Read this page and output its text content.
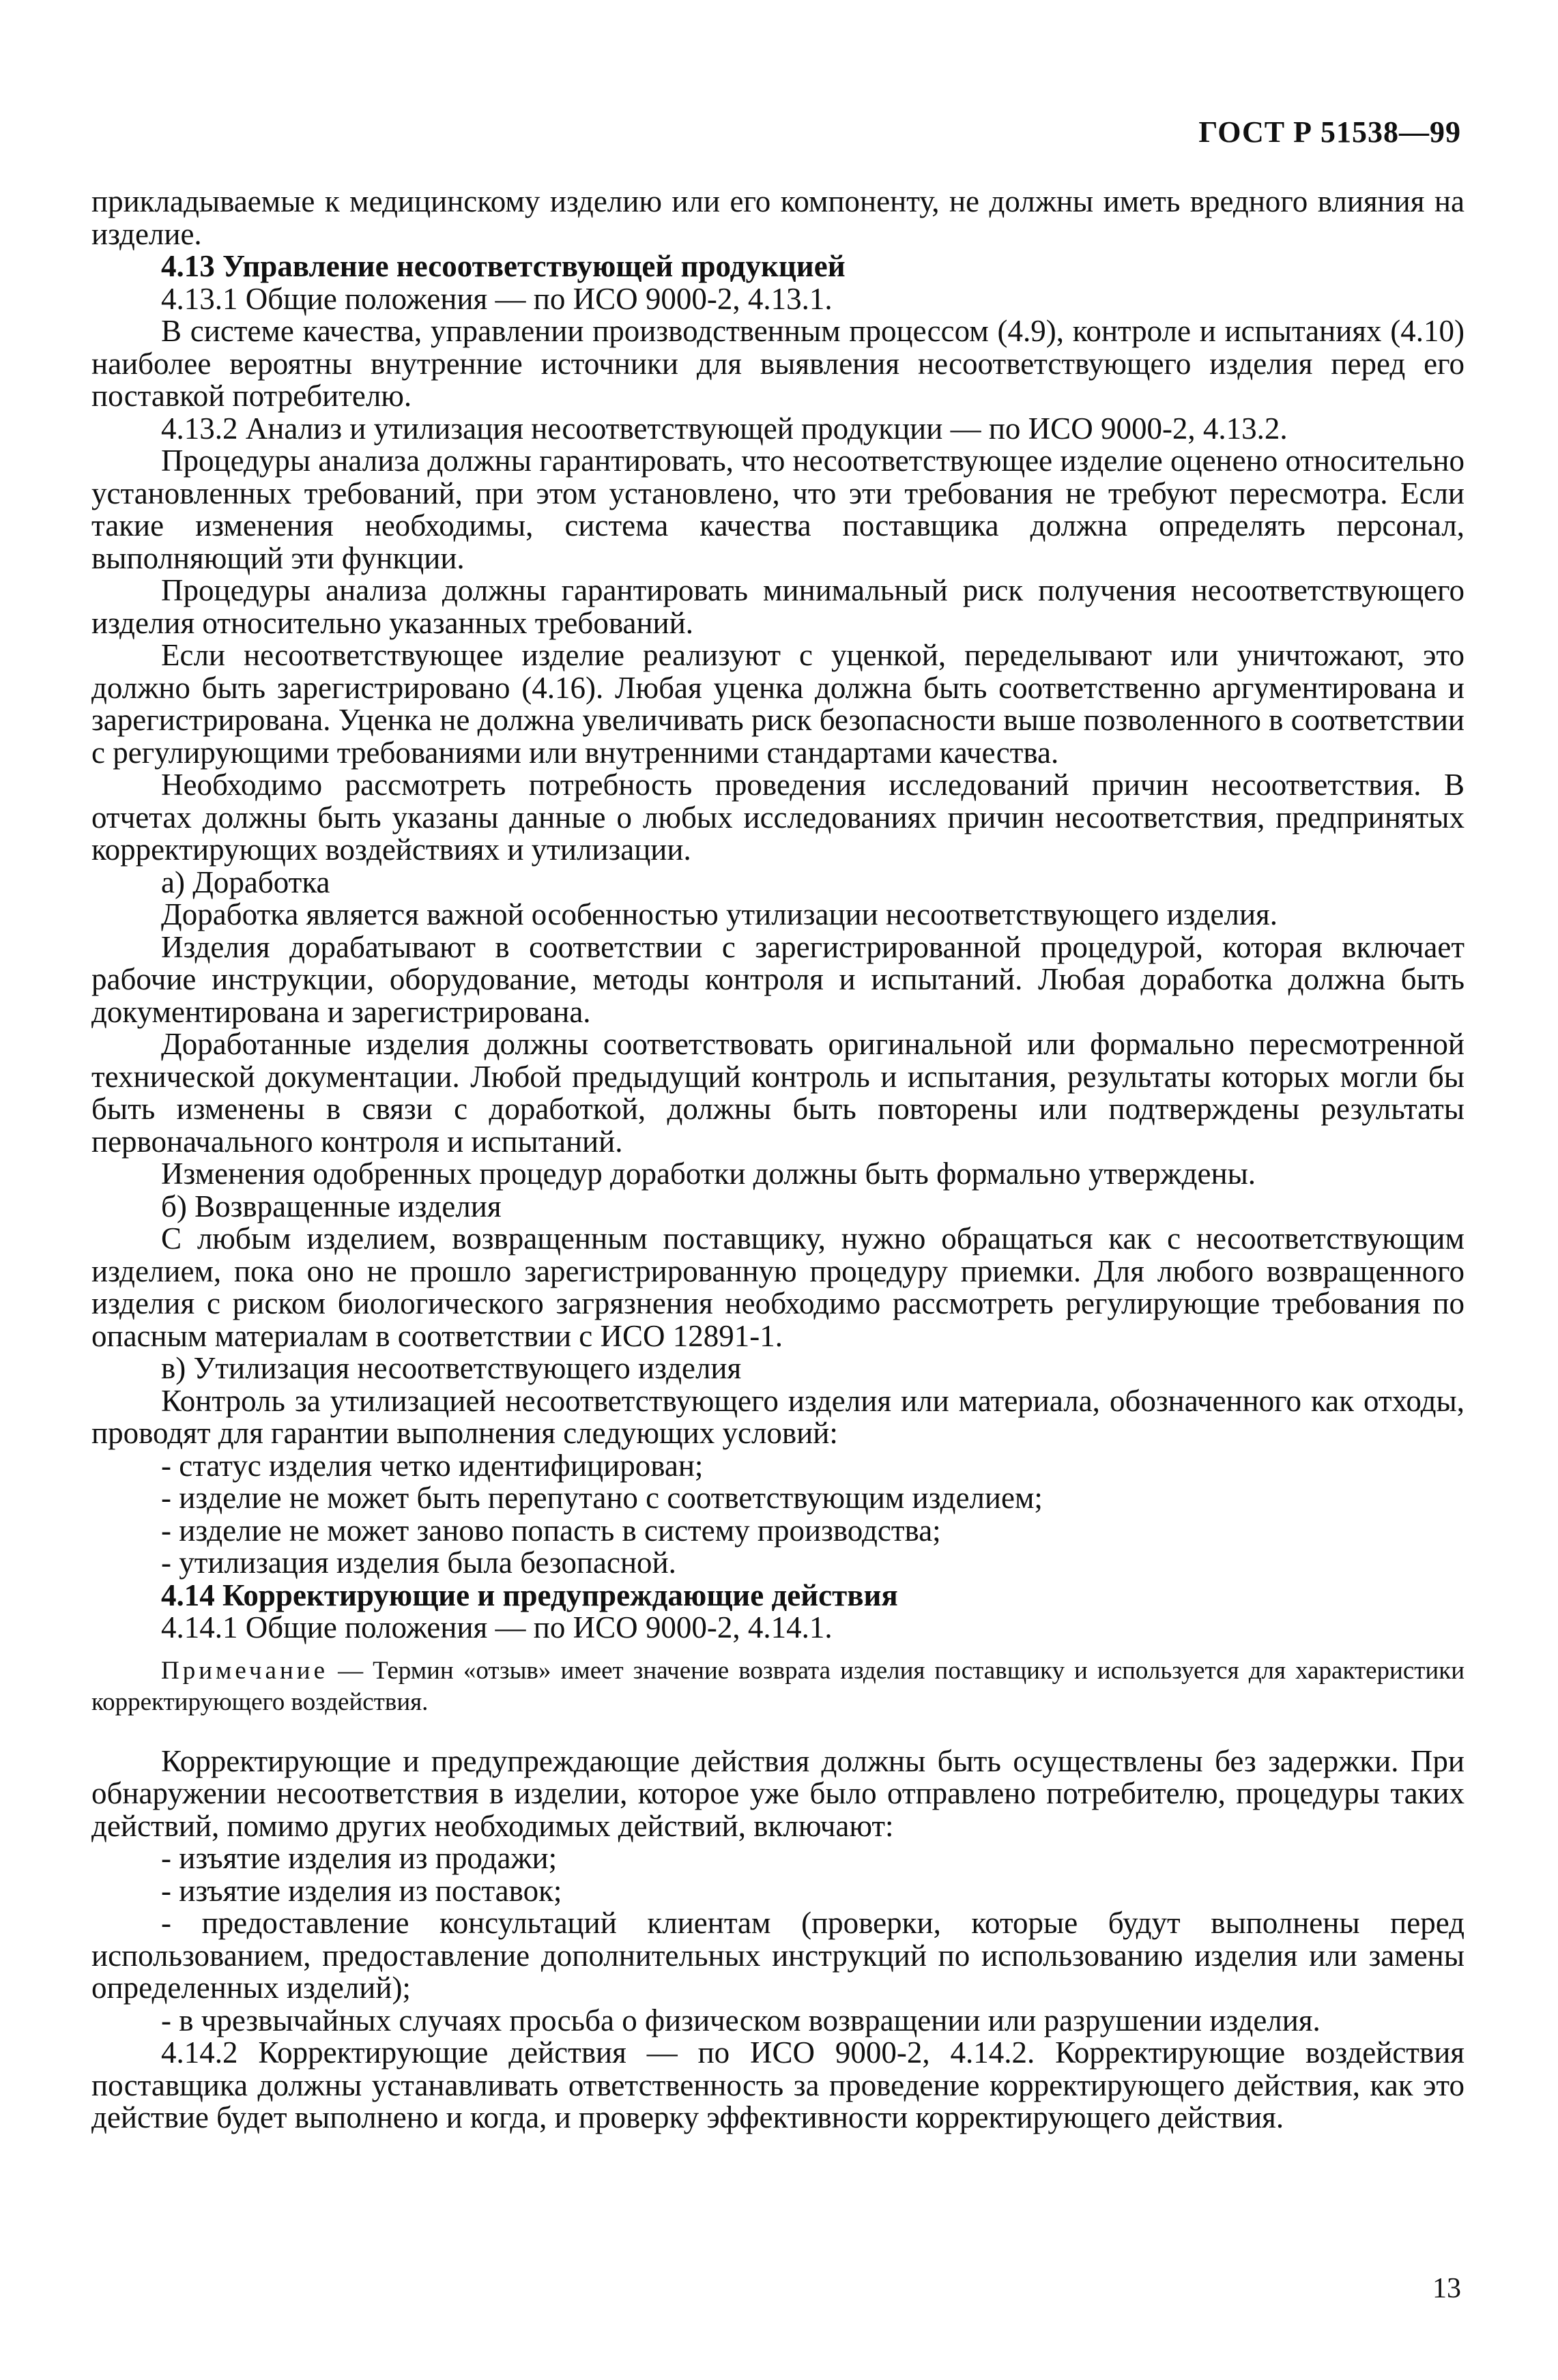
ГОСТ Р 51538—99

прикладываемые к медицинскому изделию или его компоненту, не должны иметь вредного влияния на изделие.

4.13 Управление несоответствующей продукцией

4.13.1 Общие положения — по ИСО 9000-2, 4.13.1.

В системе качества, управлении производственным процессом (4.9), контроле и испытаниях (4.10) наиболее вероятны внутренние источники для выявления несоответствующего изделия перед его поставкой потребителю.

4.13.2 Анализ и утилизация несоответствующей продукции — по ИСО 9000-2, 4.13.2.

Процедуры анализа должны гарантировать, что несоответствующее изделие оценено относительно установленных требований, при этом установлено, что эти требования не требуют пересмотра. Если такие изменения необходимы, система качества поставщика должна определять персонал, выполняющий эти функции.

Процедуры анализа должны гарантировать минимальный риск получения несоответствующего изделия относительно указанных требований.

Если несоответствующее изделие реализуют с уценкой, переделывают или уничтожают, это должно быть зарегистрировано (4.16). Любая уценка должна быть соответственно аргументирована и зарегистрирована. Уценка не должна увеличивать риск безопасности выше позволенного в соответствии с регулирующими требованиями или внутренними стандартами качества.

Необходимо рассмотреть потребность проведения исследований причин несоответствия. В отчетах должны быть указаны данные о любых исследованиях причин несоответствия, предпринятых корректирующих воздействиях и утилизации.

а) Доработка

Доработка является важной особенностью утилизации несоответствующего изделия.

Изделия дорабатывают в соответствии с зарегистрированной процедурой, которая включает рабочие инструкции, оборудование, методы контроля и испытаний. Любая доработка должна быть документирована и зарегистрирована.

Доработанные изделия должны соответствовать оригинальной или формально пересмотренной технической документации. Любой предыдущий контроль и испытания, результаты которых могли бы быть изменены в связи с доработкой, должны быть повторены или подтверждены результаты первоначального контроля и испытаний.

Изменения одобренных процедур доработки должны быть формально утверждены.

б) Возвращенные изделия

С любым изделием, возвращенным поставщику, нужно обращаться как с несоответствующим изделием, пока оно не прошло зарегистрированную процедуру приемки. Для любого возвращенного изделия с риском биологического загрязнения необходимо рассмотреть регулирующие требования по опасным материалам в соответствии с ИСО 12891-1.

в) Утилизация несоответствующего изделия

Контроль за утилизацией несоответствующего изделия или материала, обозначенного как отходы, проводят для гарантии выполнения следующих условий:

- статус изделия четко идентифицирован;

- изделие не может быть перепутано с соответствующим изделием;

- изделие не может заново попасть в систему производства;

- утилизация изделия была безопасной.

4.14 Корректирующие и предупреждающие действия

4.14.1 Общие положения — по ИСО 9000-2, 4.14.1.

Примечание — Термин «отзыв» имеет значение возврата изделия поставщику и используется для характеристики корректирующего воздействия.

Корректирующие и предупреждающие действия должны быть осуществлены без задержки. При обнаружении несоответствия в изделии, которое уже было отправлено потребителю, процедуры таких действий, помимо других необходимых действий, включают:

- изъятие изделия из продажи;

- изъятие изделия из поставок;

- предоставление консультаций клиентам (проверки, которые будут выполнены перед использованием, предоставление дополнительных инструкций по использованию изделия или замены определенных изделий);

- в чрезвычайных случаях просьба о физическом возвращении или разрушении изделия.

4.14.2 Корректирующие действия — по ИСО 9000-2, 4.14.2. Корректирующие воздействия поставщика должны устанавливать ответственность за проведение корректирующего действия, как это действие будет выполнено и когда, и проверку эффективности корректирующего действия.

13
